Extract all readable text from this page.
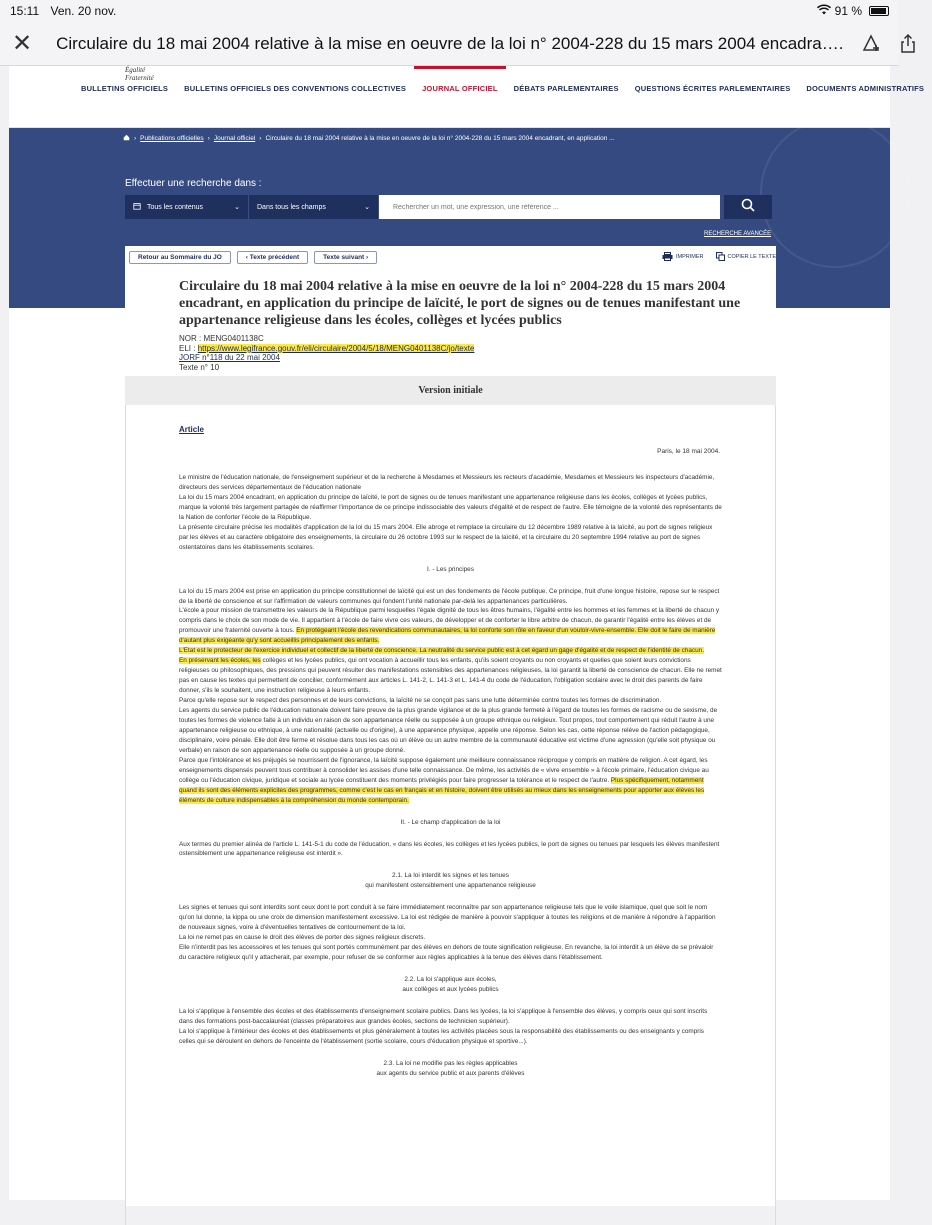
15:11 Ven. 20 nov.	91 %
✕ Circulaire du 18 mai 2004 relative à la mise en oeuvre de la loi n° 2004-228 du 15 mars 2004 encadra….
Égalité
Fraternité
BULLETINS OFFICIELS	BULLETINS OFFICIELS DES CONVENTIONS COLLECTIVES	JOURNAL OFFICIEL	DÉBATS PARLEMENTAIRES	QUESTIONS ÉCRITES PARLEMENTAIRES	DOCUMENTS ADMINISTRATIFS
› Publications officielles › Journal officiel › Circulaire du 18 mai 2004 relative à la mise en oeuvre de la loi n° 2004-228 du 15 mars 2004 encadrant, en application ...
Effectuer une recherche dans :
Tous les contenus	⌄ Dans tous les champs	⌄
Rechercher un mot, une expression, une référence ...
RECHERCHE AVANCÉE
Retour au Sommaire du JO	‹ Texte précédent	Texte suivant ›	IMPRIMER	COPIER LE TEXTE
Circulaire du 18 mai 2004 relative à la mise en oeuvre de la loi n° 2004-228 du 15 mars 2004 encadrant, en application du principe de laïcité, le port de signes ou de tenues manifestant une appartenance religieuse dans les écoles, collèges et lycées publics
NOR : MENG0401138C
ELI : https://www.legifrance.gouv.fr/eli/circulaire/2004/5/18/MENG0401138C/jo/texte
JORF n°118 du 22 mai 2004
Texte n° 10
Version initiale
Article
Paris, le 18 mai 2004.

Le ministre de l'éducation nationale, de l'enseignement supérieur et de la recherche à Mesdames et Messieurs les recteurs d'académie, Mesdames et Messieurs les inspecteurs d'académie, directeurs des services départementaux de l'éducation nationale

La loi du 15 mars 2004 encadrant, en application du principe de laïcité, le port de signes ou de tenues manifestant une appartenance religieuse dans les écoles, collèges et lycées publics, marque la volonté très largement partagée de réaffirmer l'importance de ce principe indissociable des valeurs d'égalité et de respect de l'autre. Elle témoigne de la volonté des représentants de la Nation de conforter l'école de la République.

La présente circulaire précise les modalités d'application de la loi du 15 mars 2004. Elle abroge et remplace la circulaire du 12 décembre 1989 relative à la laïcité, au port de signes religieux par les élèves et au caractère obligatoire des enseignements, la circulaire du 26 octobre 1993 sur le respect de la laïcité, et la circulaire du 20 septembre 1994 relative au port de signes ostentatoires dans les établissements scolaires.

I. - Les principes

La loi du 15 mars 2004 est prise en application du principe constitutionnel de laïcité qui est un des fondements de l'école publique. Ce principe, fruit d'une longue histoire, repose sur le respect de la liberté de conscience et sur l'affirmation de valeurs communes qui fondent l'unité nationale par-delà les appartenances particulières.

L'école a pour mission de transmettre les valeurs de la République parmi lesquelles l'égale dignité de tous les êtres humains, l'égalité entre les hommes et les femmes et la liberté de chacun y compris dans le choix de son mode de vie. Il appartient à l'école de faire vivre ces valeurs, de développer et de conforter le libre arbitre de chacun, de garantir l'égalité entre les élèves et de promouvoir une fraternité ouverte à tous. En protégeant l'école des revendications communautaires, la loi conforte son rôle en faveur d'un vouloir-vivre-ensemble. Elle doit le faire de manière d'autant plus exigeante qu'y sont accueillis principalement des enfants.

L'Etat est le protecteur de l'exercice individuel et collectif de la liberté de conscience. La neutralité du service public est à cet égard un gage d'égalité et de respect de l'identité de chacun.

En préservant les écoles, les collèges et les lycées publics, qui ont vocation à accueillir tous les enfants, qu'ils soient croyants ou non croyants et quelles que soient leurs convictions religieuses ou philosophiques, des pressions qui peuvent résulter des manifestations ostensibles des appartenances religieuses, la loi garantit la liberté de conscience de chacun. Elle ne remet pas en cause les textes qui permettent de concilier, conformément aux articles L. 141-2, L. 141-3 et L. 141-4 du code de l'éducation, l'obligation scolaire avec le droit des parents de faire donner, s'ils le souhaitent, une instruction religieuse à leurs enfants.

Parce qu'elle repose sur le respect des personnes et de leurs convictions, la laïcité ne se conçoit pas sans une lutte déterminée contre toutes les formes de discrimination.

Les agents du service public de l'éducation nationale doivent faire preuve de la plus grande vigilance et de la plus grande fermeté à l'égard de toutes les formes de racisme ou de sexisme, de toutes les formes de violence faite à un individu en raison de son appartenance réelle ou supposée à un groupe ethnique ou religieux. Tout propos, tout comportement qui réduit l'autre à une appartenance religieuse ou ethnique, à une nationalité (actuelle ou d'origine), à une apparence physique, appelle une réponse. Selon les cas, cette réponse relève de l'action pédagogique, disciplinaire, voire pénale. Elle doit être ferme et résolue dans tous les cas où un élève ou un autre membre de la communauté éducative est victime d'une agression (qu'elle soit physique ou verbale) en raison de son appartenance réelle ou supposée à un groupe donné.

Parce que l'intolérance et les préjugés se nourrissent de l'ignorance, la laïcité suppose également une meilleure connaissance réciproque y compris en matière de religion. A cet égard, les enseignements dispensés peuvent tous contribuer à consolider les assises d'une telle connaissance. De même, les activités de « vivre ensemble » à l'école primaire, l'éducation civique au collège ou l'éducation civique, juridique et sociale au lycée constituent des moments privilégiés pour faire progresser la tolérance et le respect de l'autre. Plus spécifiquement, notamment quand ils sont des éléments explicites des programmes, comme c'est le cas en français et en histoire, doivent être utilisés au mieux dans les enseignements pour apporter aux élèves les éléments de culture indispensables à la compréhension du monde contemporain.

II. - Le champ d'application de la loi

Aux termes du premier alinéa de l'article L. 141-5-1 du code de l'éducation, « dans les écoles, les collèges et les lycées publics, le port de signes ou tenues par lesquels les élèves manifestent ostensiblement une appartenance religieuse est interdit ».

2.1. La loi interdit les signes et les tenues

qui manifestent ostensiblement une appartenance religieuse

Les signes et tenues qui sont interdits sont ceux dont le port conduit à se faire immédiatement reconnaître par son appartenance religieuse tels que le voile islamique, quel que soit le nom qu'on lui donne, la kippa ou une croix de dimension manifestement excessive. La loi est rédigée de manière à pouvoir s'appliquer à toutes les religions et de manière à répondre à l'apparition de nouveaux signes, voire à d'éventuelles tentatives de contournement de la loi.

La loi ne remet pas en cause le droit des élèves de porter des signes religieux discrets.

Elle n'interdit pas les accessoires et les tenues qui sont portés communément par des élèves en dehors de toute signification religieuse. En revanche, la loi interdit à un élève de se prévaloir du caractère religieux qu'il y attacherait, par exemple, pour refuser de se conformer aux règles applicables à la tenue des élèves dans l'établissement.

2.2. La loi s'applique aux écoles,

aux collèges et aux lycées publics

La loi s'applique à l'ensemble des écoles et des établissements d'enseignement scolaire publics. Dans les lycées, la loi s'applique à l'ensemble des élèves, y compris ceux qui sont inscrits dans des formations post-baccalauréat (classes préparatoires aux grandes écoles, sections de technicien supérieur).

La loi s'applique à l'intérieur des écoles et des établissements et plus généralement à toutes les activités placées sous la responsabilité des établissements ou des enseignants y compris celles qui se déroulent en dehors de l'enceinte de l'établissement (sortie scolaire, cours d'éducation physique et sportive...).

2.3. La loi ne modifie pas les règles applicables

aux agents du service public et aux parents d'élèves
